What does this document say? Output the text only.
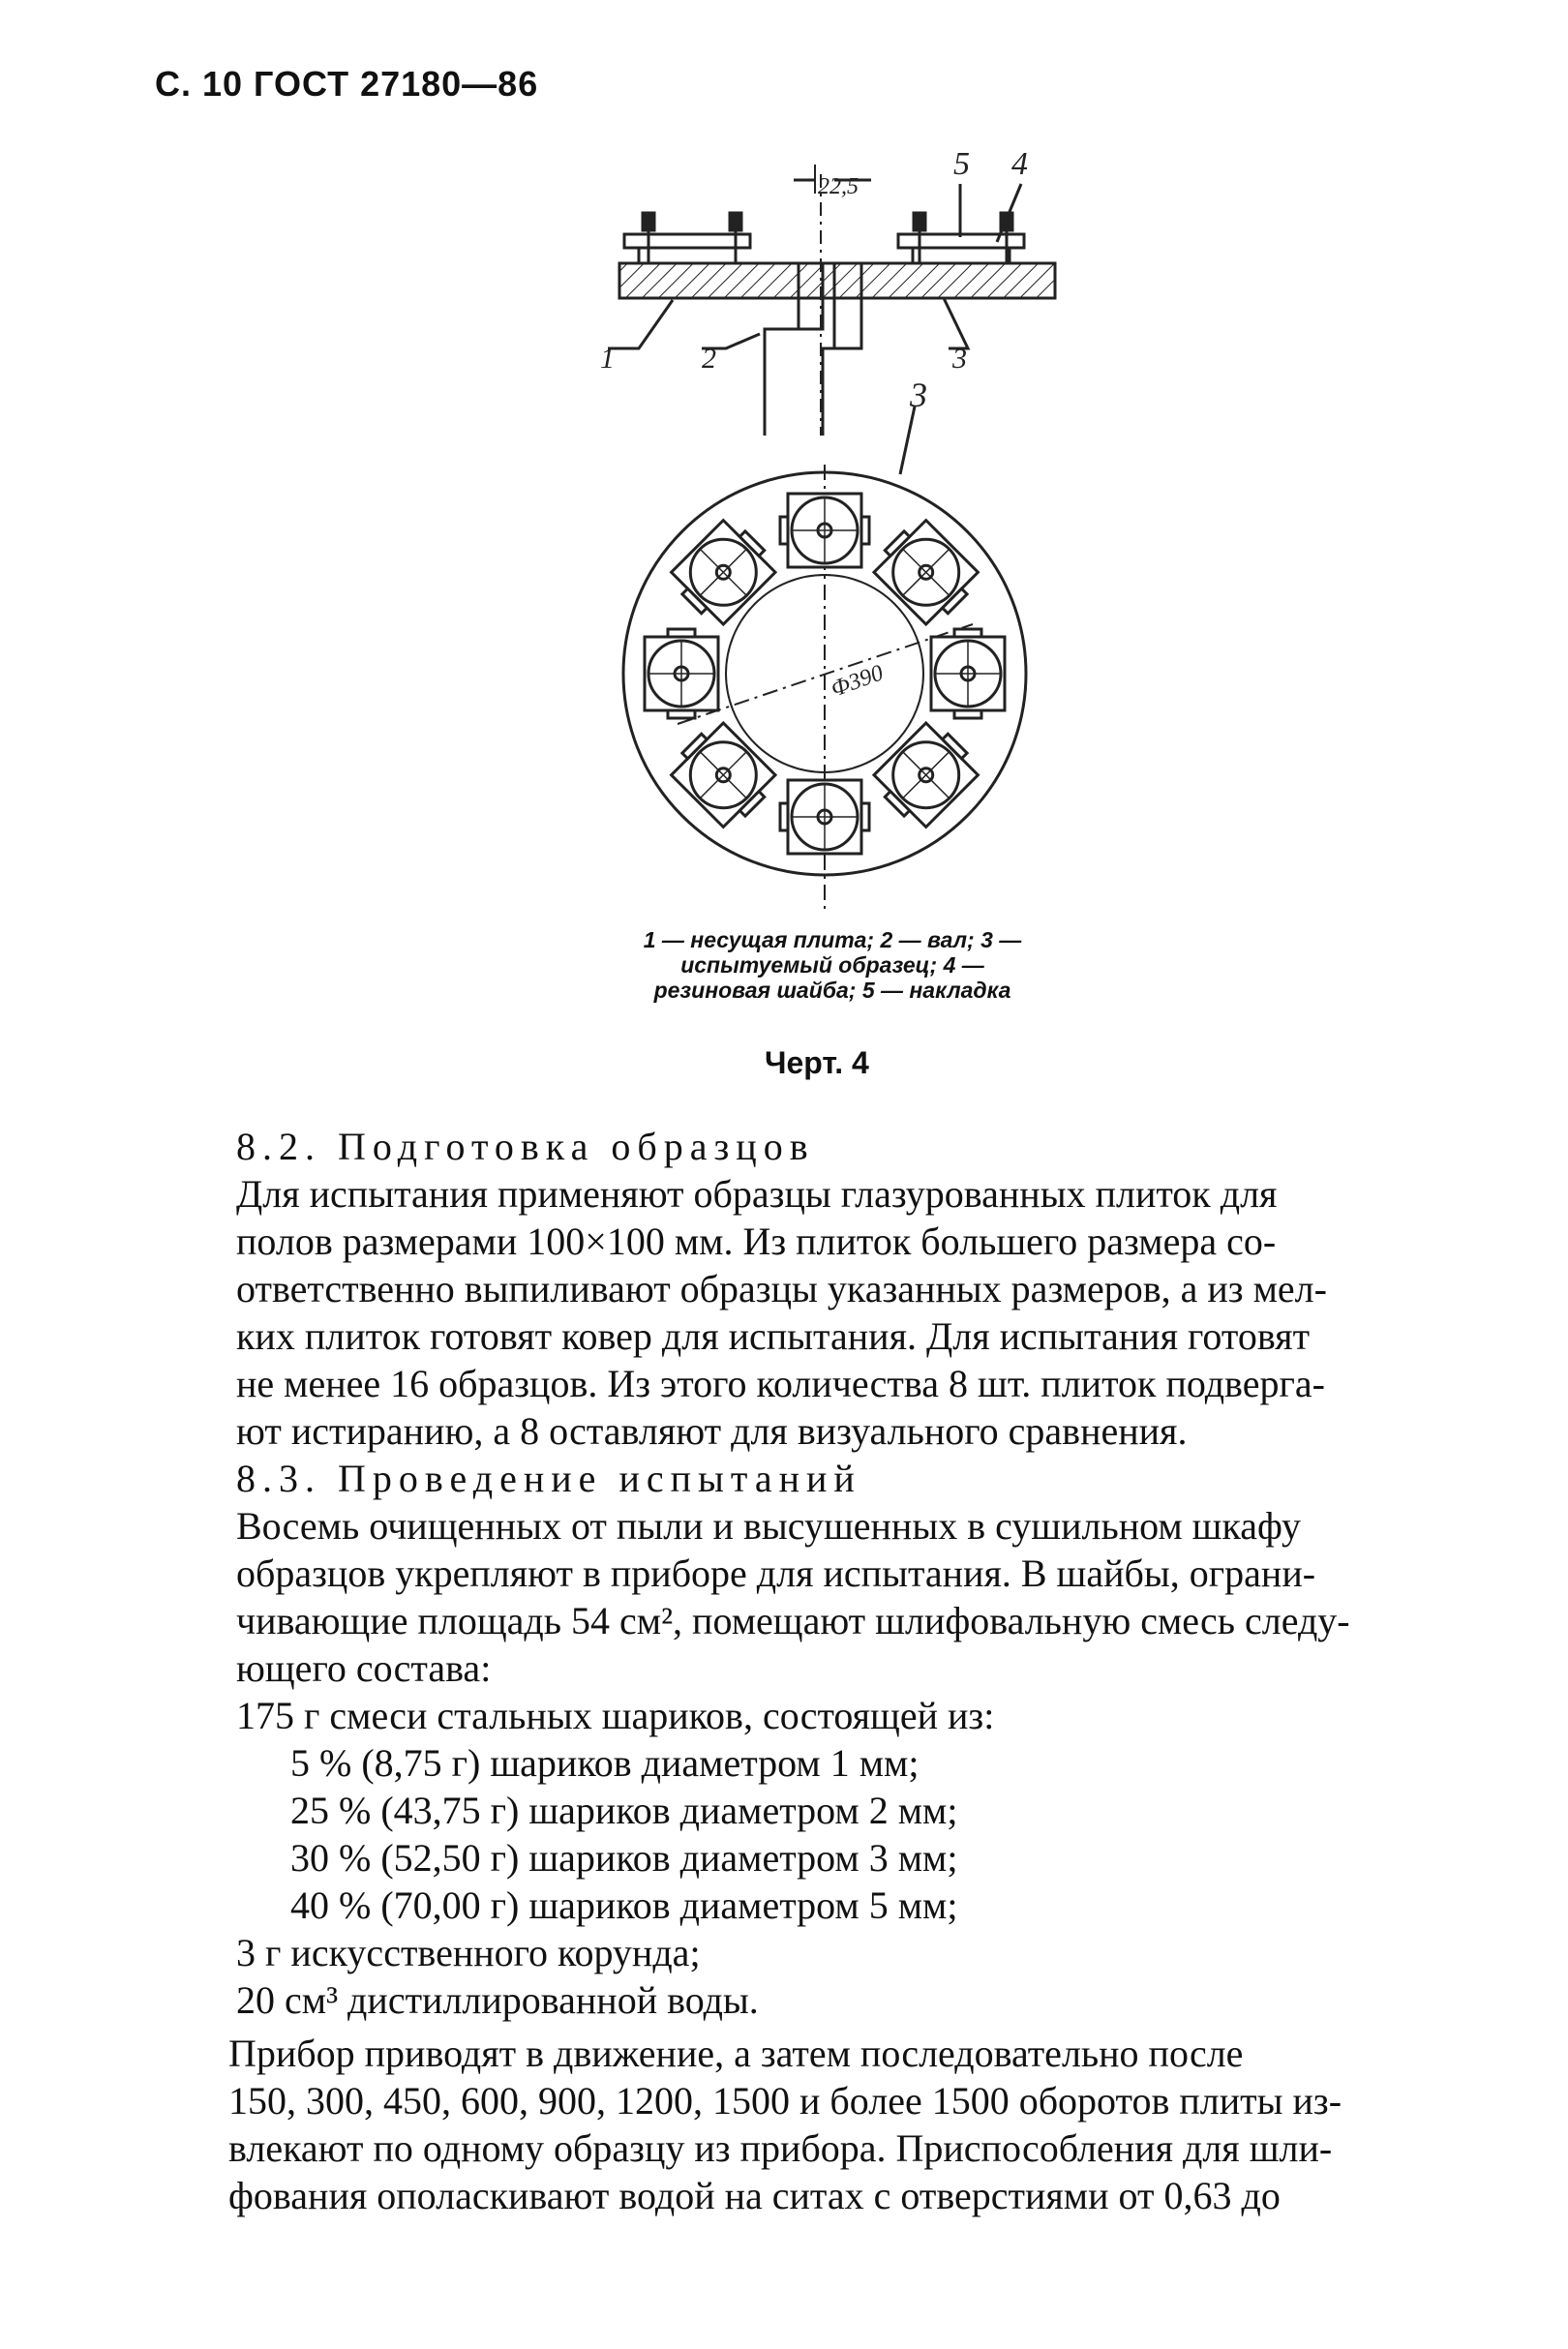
С. 10 ГОСТ 27180—86
22,5
Ф390
1	2	3
4
5
3
1 — несущая плита; 2 — вал; 3 — испытуемый образец; 4 — резиновая шайба; 5 — накладка
Черт. 4
8.2. Подготовка образцов
Для испытания применяют образцы глазурованных плиток для
полов размерами 100×100 мм. Из плиток большего размера со-
ответственно выпиливают образцы указанных размеров, а из мел-
ких плиток готовят ковер для испытания. Для испытания готовят
не менее 16 образцов. Из этого количества 8 шт. плиток подверга-
ют истиранию, а 8 оставляют для визуального сравнения.
8.3. Проведение испытаний
Восемь очищенных от пыли и высушенных в сушильном шкафу
образцов укрепляют в приборе для испытания. В шайбы, ограни-
чивающие площадь 54 см², помещают шлифовальную смесь следу-
ющего состава:
175 г смеси стальных шариков, состоящей из:
5 % (8,75 г) шариков диаметром 1 мм;
25 % (43,75 г) шариков диаметром 2 мм;
30 % (52,50 г) шариков диаметром 3 мм;
40 % (70,00 г) шариков диаметром 5 мм;
3 г искусственного корунда;
20 см³ дистиллированной воды.
Прибор приводят в движение, а затем последовательно после
150, 300, 450, 600, 900, 1200, 1500 и более 1500 оборотов плиты из-
влекают по одному образцу из прибора. Приспособления для шли-
фования ополаскивают водой на ситах с отверстиями от 0,63 до
